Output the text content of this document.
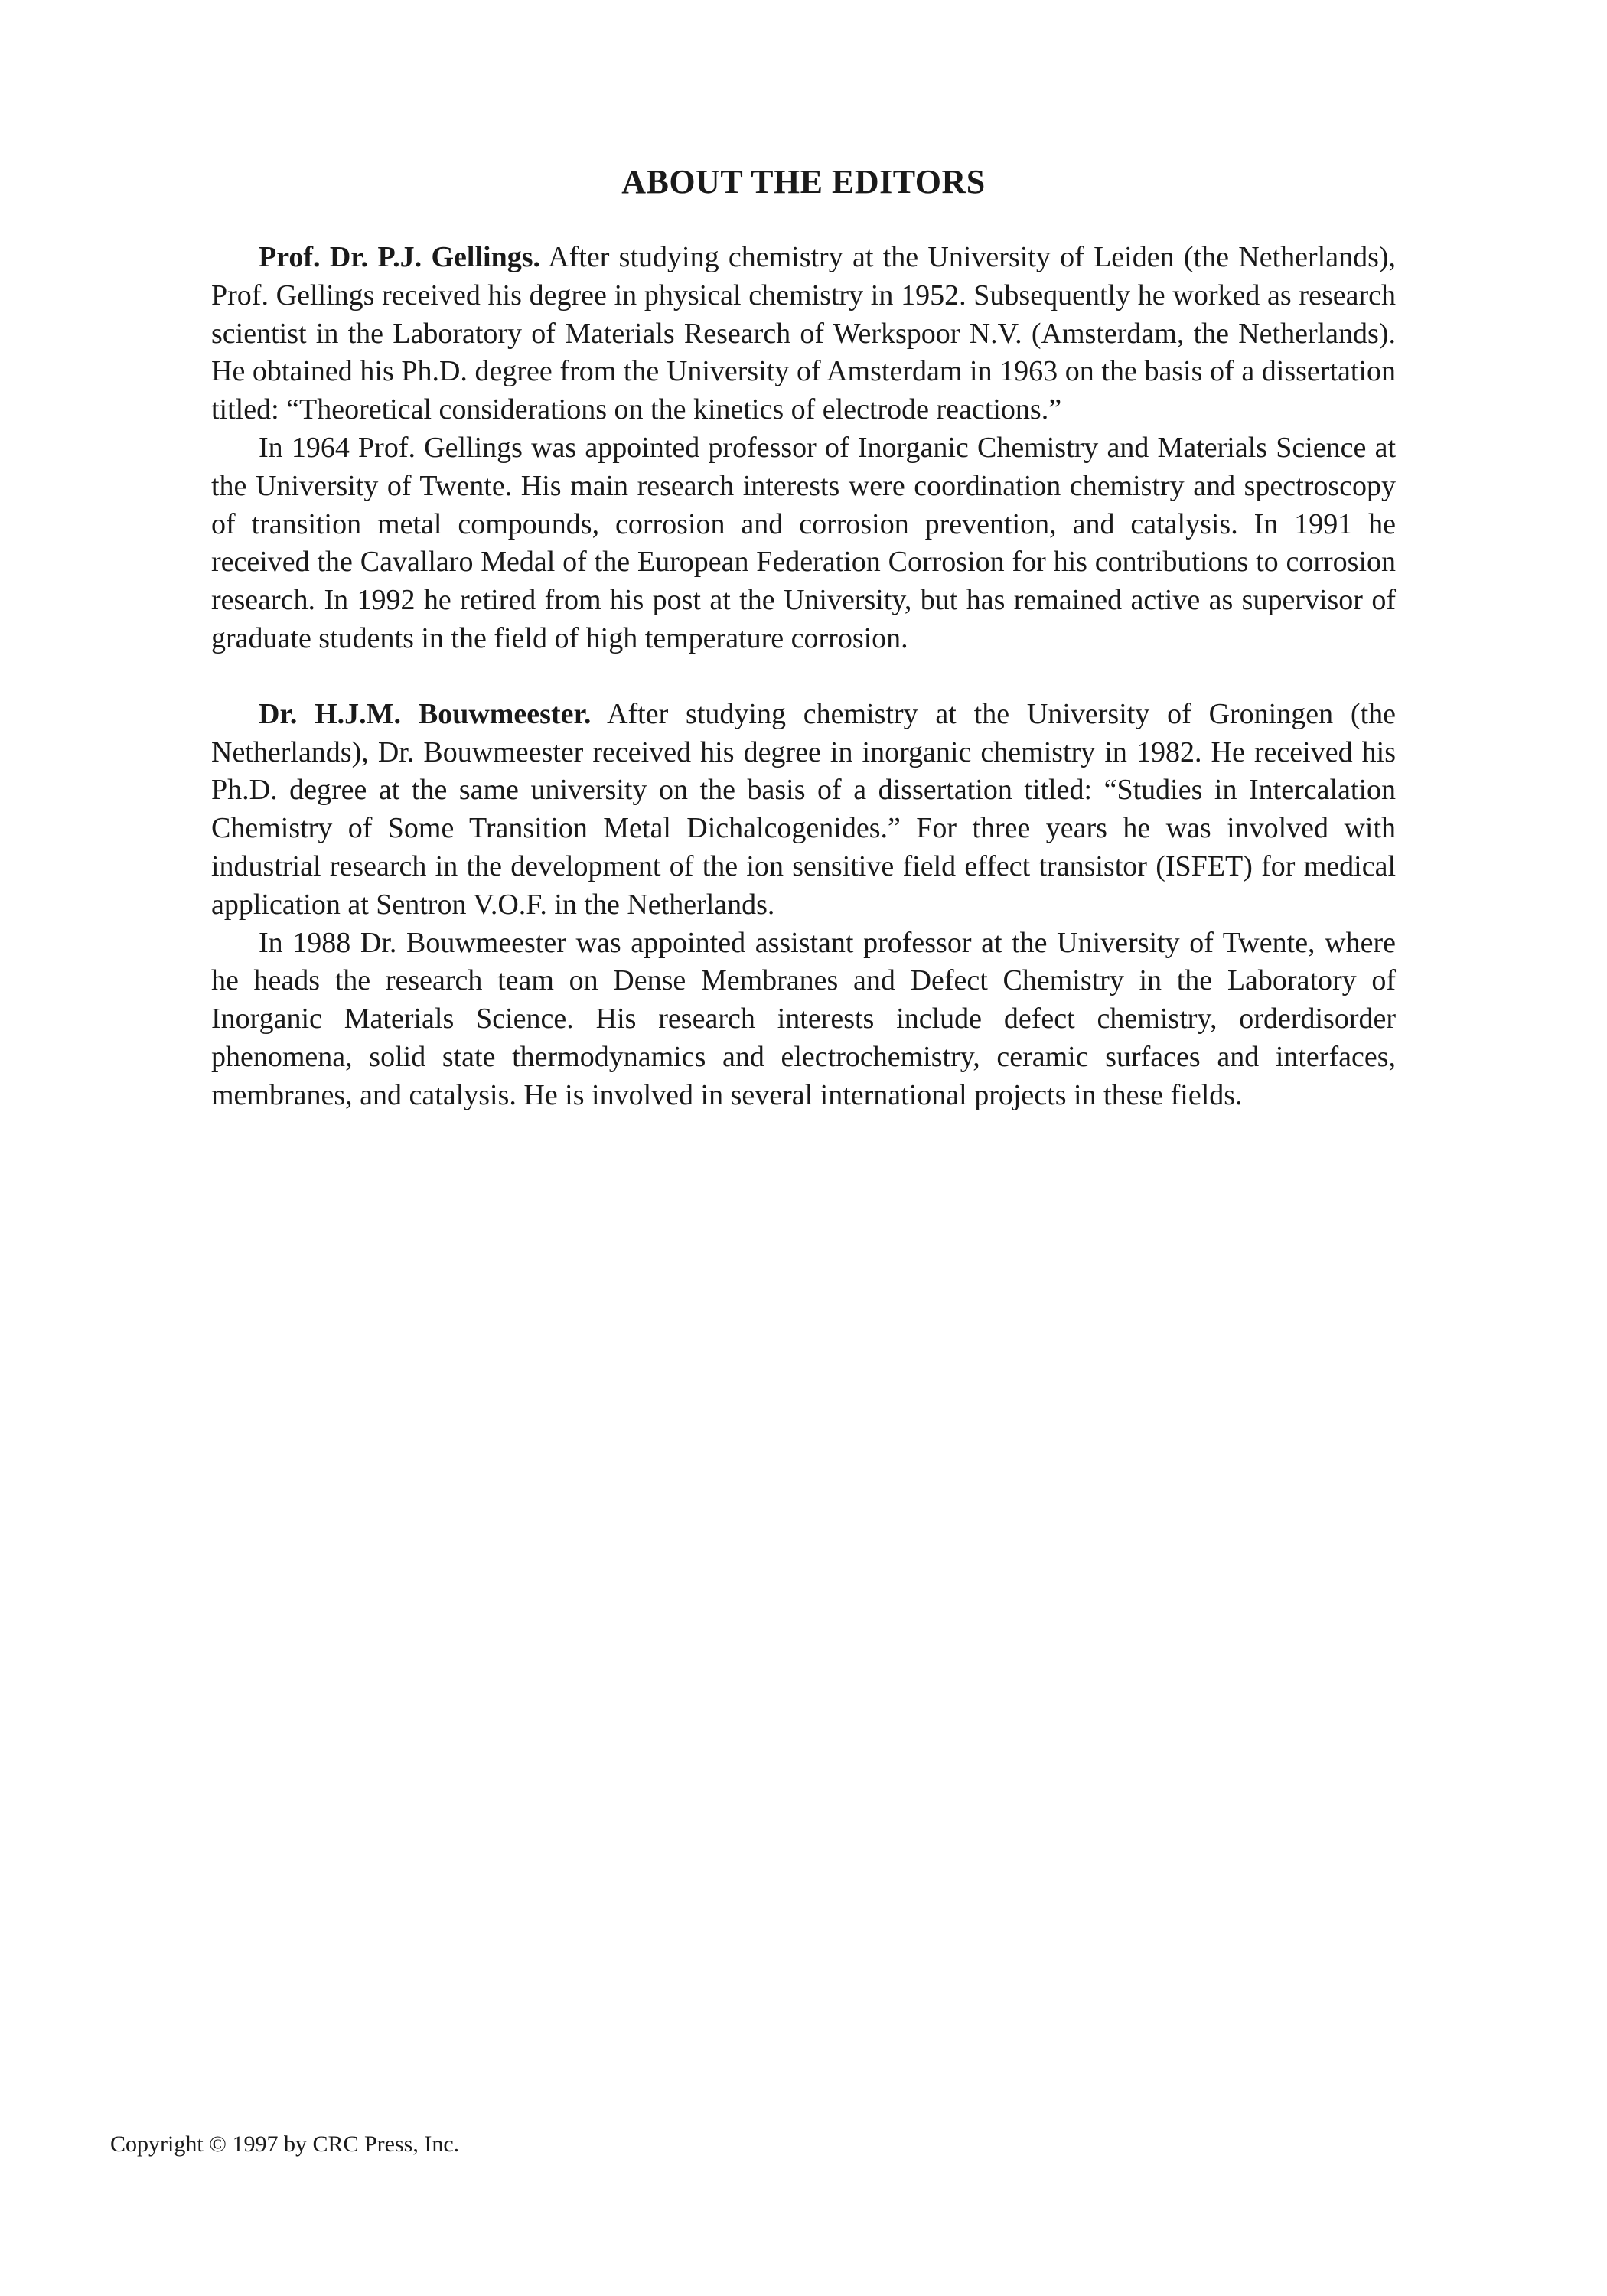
ABOUT THE EDITORS

Prof. Dr. P.J. Gellings. After studying chemistry at the University of Leiden (the Netherlands), Prof. Gellings received his degree in physical chemistry in 1952. Subsequently he worked as research scientist in the Laboratory of Materials Research of Werkspoor N.V. (Amsterdam, the Netherlands). He obtained his Ph.D. degree from the University of Amsterdam in 1963 on the basis of a dissertation titled: “Theoretical considerations on the kinetics of electrode reactions.”

In 1964 Prof. Gellings was appointed professor of Inorganic Chemistry and Materials Science at the University of Twente. His main research interests were coordination chemistry and spectroscopy of transition metal compounds, corrosion and corrosion prevention, and catalysis. In 1991 he received the Cavallaro Medal of the European Federation Corrosion for his contributions to corrosion research. In 1992 he retired from his post at the University, but has remained active as supervisor of graduate students in the field of high temperature corrosion.

Dr. H.J.M. Bouwmeester. After studying chemistry at the University of Groningen (the Netherlands), Dr. Bouwmeester received his degree in inorganic chemistry in 1982. He received his Ph.D. degree at the same university on the basis of a dissertation titled: “Studies in Intercalation Chemistry of Some Transition Metal Dichalcogenides.” For three years he was involved with industrial research in the development of the ion sensitive field effect transistor (ISFET) for medical application at Sentron V.O.F. in the Netherlands.

In 1988 Dr. Bouwmeester was appointed assistant professor at the University of Twente, where he heads the research team on Dense Membranes and Defect Chemistry in the Laboratory of Inorganic Materials Science. His research interests include defect chemistry, orderdisorder phenomena, solid state thermodynamics and electrochemistry, ceramic surfaces and interfaces, membranes, and catalysis. He is involved in several international projects in these fields.

Copyright © 1997 by CRC Press, Inc.
